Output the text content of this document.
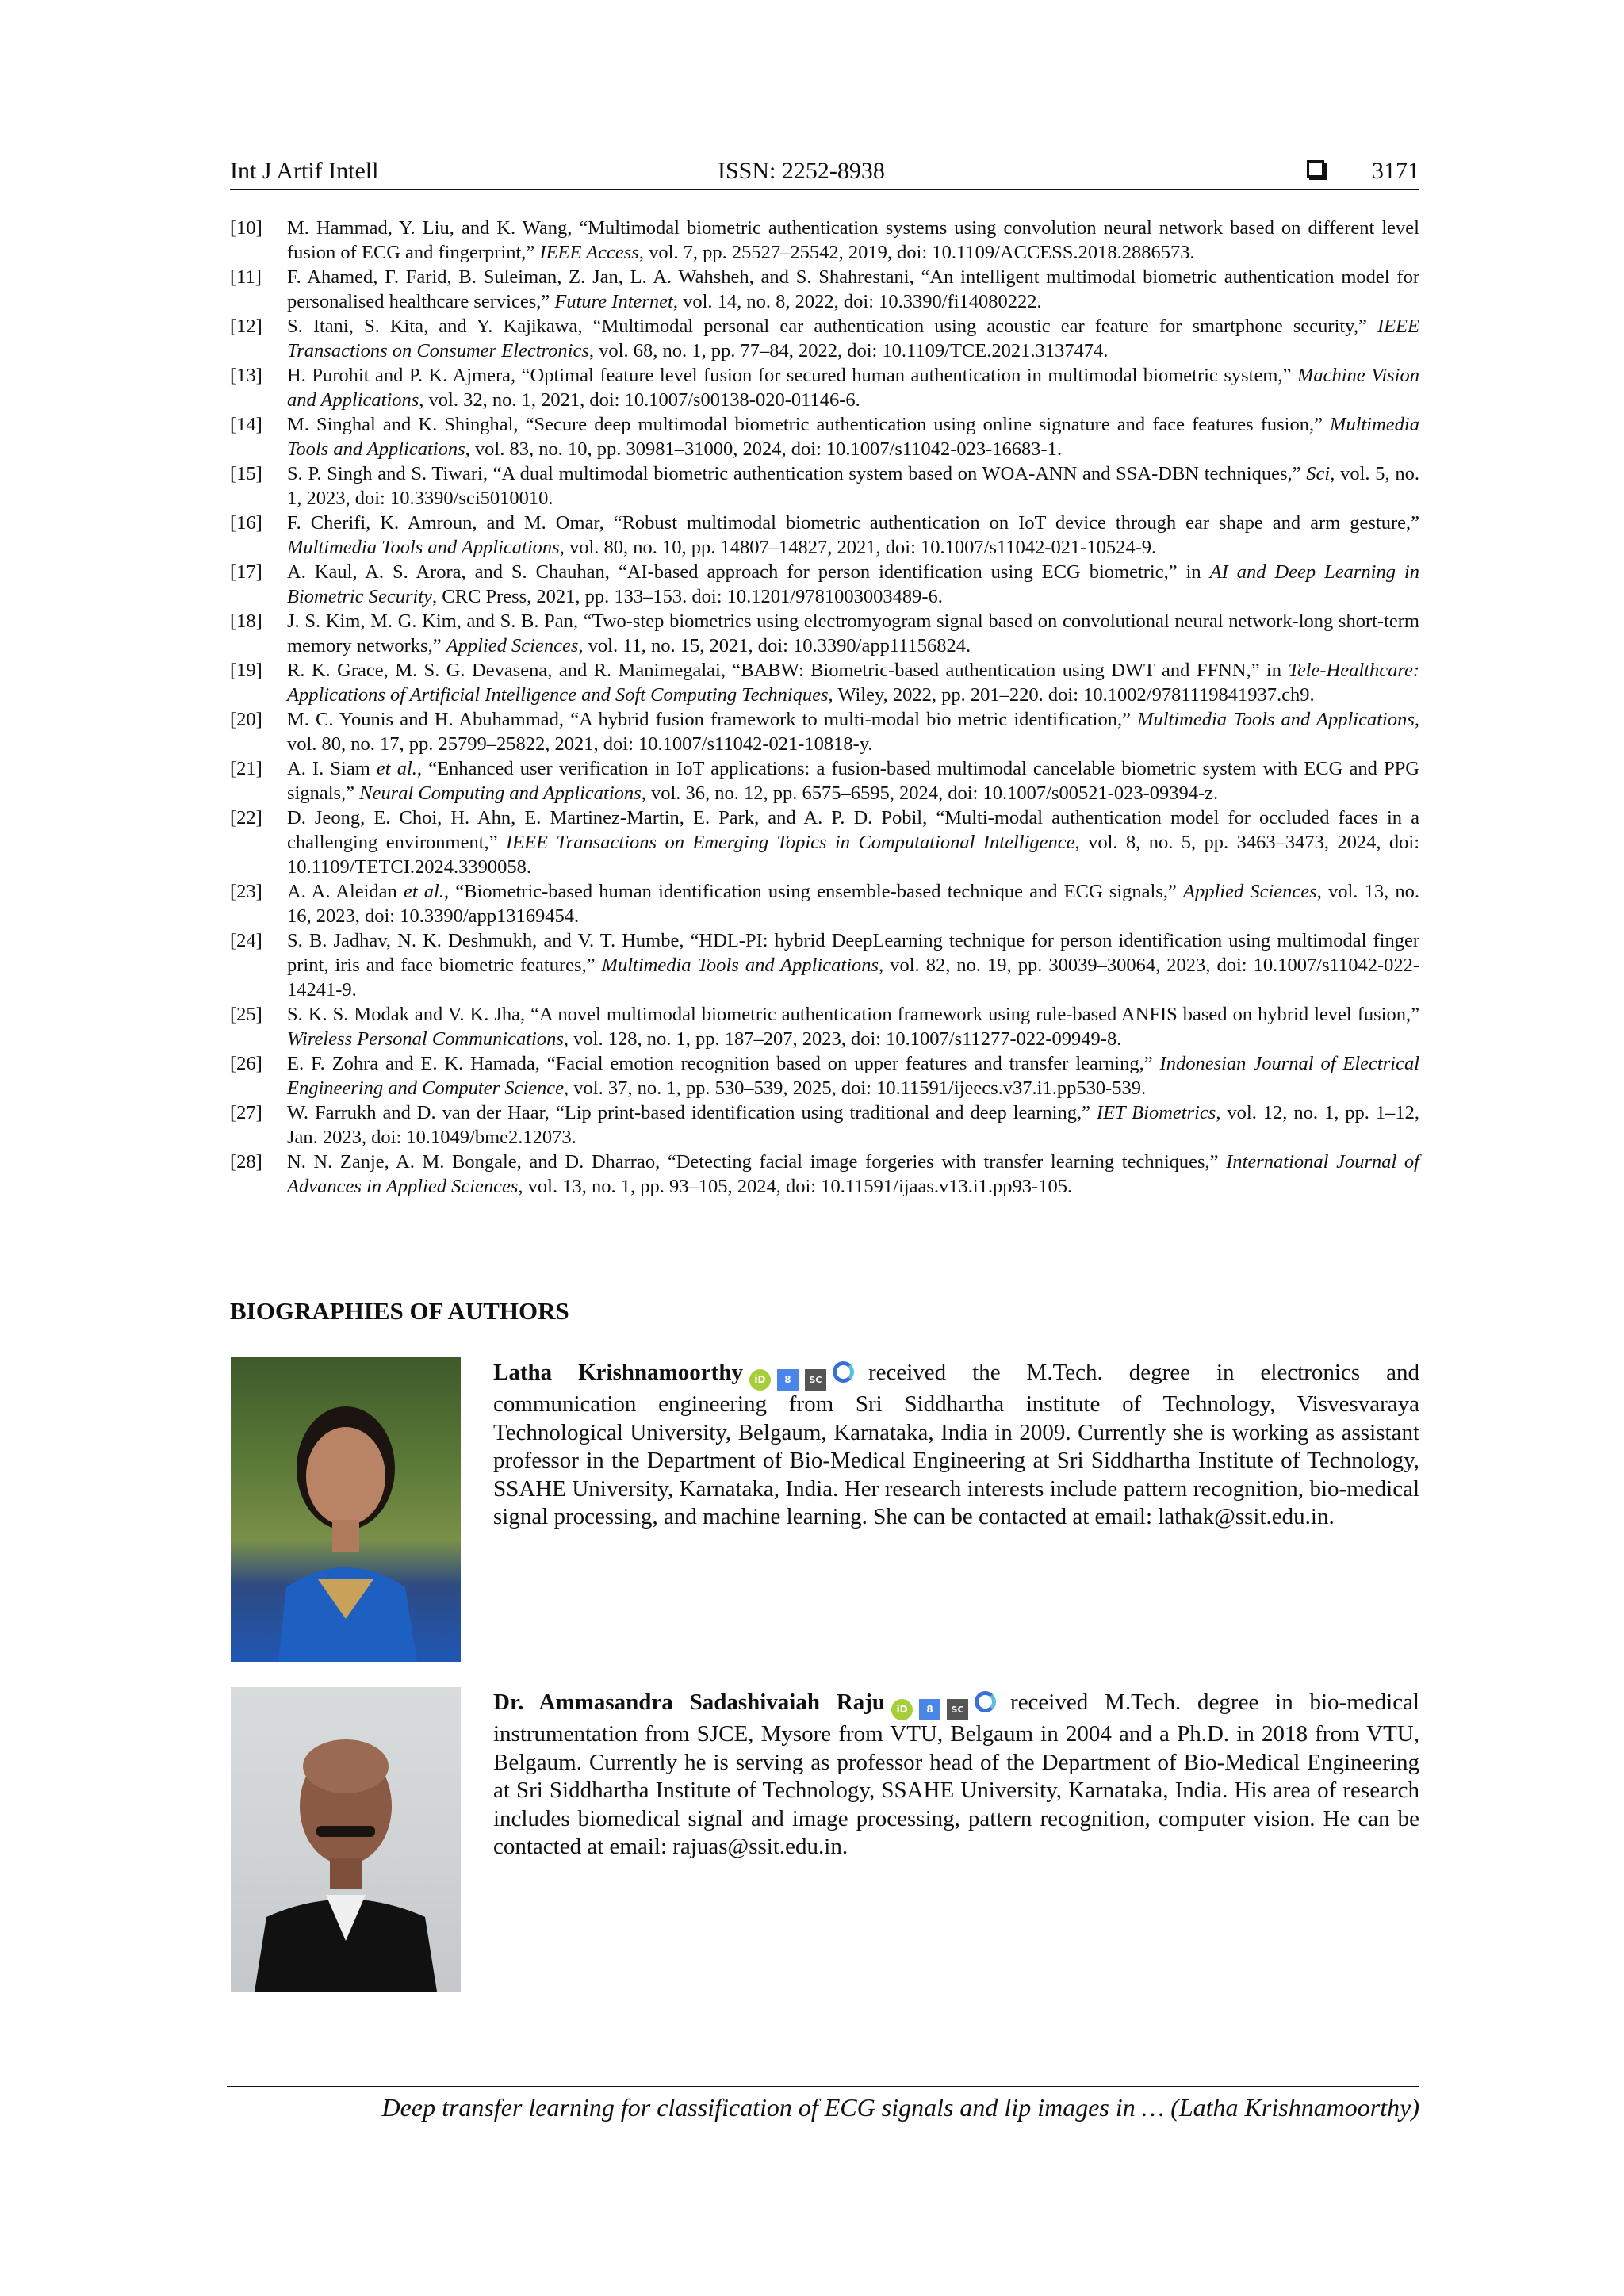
Int J Artif Intell	ISSN: 2252-8938	3171
[10]	M. Hammad, Y. Liu, and K. Wang, “Multimodal biometric authentication systems using convolution neural network based on different level fusion of ECG and fingerprint,” IEEE Access, vol. 7, pp. 25527–25542, 2019, doi: 10.1109/ACCESS.2018.2886573.
[11]	F. Ahamed, F. Farid, B. Suleiman, Z. Jan, L. A. Wahsheh, and S. Shahrestani, “An intelligent multimodal biometric authentication model for personalised healthcare services,” Future Internet, vol. 14, no. 8, 2022, doi: 10.3390/fi14080222.
[12]	S. Itani, S. Kita, and Y. Kajikawa, “Multimodal personal ear authentication using acoustic ear feature for smartphone security,” IEEE Transactions on Consumer Electronics, vol. 68, no. 1, pp. 77–84, 2022, doi: 10.1109/TCE.2021.3137474.
[13]	H. Purohit and P. K. Ajmera, “Optimal feature level fusion for secured human authentication in multimodal biometric system,” Machine Vision and Applications, vol. 32, no. 1, 2021, doi: 10.1007/s00138-020-01146-6.
[14]	M. Singhal and K. Shinghal, “Secure deep multimodal biometric authentication using online signature and face features fusion,” Multimedia Tools and Applications, vol. 83, no. 10, pp. 30981–31000, 2024, doi: 10.1007/s11042-023-16683-1.
[15]	S. P. Singh and S. Tiwari, “A dual multimodal biometric authentication system based on WOA-ANN and SSA-DBN techniques,” Sci, vol. 5, no. 1, 2023, doi: 10.3390/sci5010010.
[16]	F. Cherifi, K. Amroun, and M. Omar, “Robust multimodal biometric authentication on IoT device through ear shape and arm gesture,” Multimedia Tools and Applications, vol. 80, no. 10, pp. 14807–14827, 2021, doi: 10.1007/s11042-021-10524-9.
[17]	A. Kaul, A. S. Arora, and S. Chauhan, “AI-based approach for person identification using ECG biometric,” in AI and Deep Learning in Biometric Security, CRC Press, 2021, pp. 133–153. doi: 10.1201/9781003003489-6.
[18]	J. S. Kim, M. G. Kim, and S. B. Pan, “Two-step biometrics using electromyogram signal based on convolutional neural network-long short-term memory networks,” Applied Sciences, vol. 11, no. 15, 2021, doi: 10.3390/app11156824.
[19]	R. K. Grace, M. S. G. Devasena, and R. Manimegalai, “BABW: Biometric-based authentication using DWT and FFNN,” in Tele-Healthcare: Applications of Artificial Intelligence and Soft Computing Techniques, Wiley, 2022, pp. 201–220. doi: 10.1002/9781119841937.ch9.
[20]	M. C. Younis and H. Abuhammad, “A hybrid fusion framework to multi-modal bio metric identification,” Multimedia Tools and Applications, vol. 80, no. 17, pp. 25799–25822, 2021, doi: 10.1007/s11042-021-10818-y.
[21]	A. I. Siam et al., “Enhanced user verification in IoT applications: a fusion-based multimodal cancelable biometric system with ECG and PPG signals,” Neural Computing and Applications, vol. 36, no. 12, pp. 6575–6595, 2024, doi: 10.1007/s00521-023-09394-z.
[22]	D. Jeong, E. Choi, H. Ahn, E. Martinez-Martin, E. Park, and A. P. D. Pobil, “Multi-modal authentication model for occluded faces in a challenging environment,” IEEE Transactions on Emerging Topics in Computational Intelligence, vol. 8, no. 5, pp. 3463–3473, 2024, doi: 10.1109/TETCI.2024.3390058.
[23]	A. A. Aleidan et al., “Biometric-based human identification using ensemble-based technique and ECG signals,” Applied Sciences, vol. 13, no. 16, 2023, doi: 10.3390/app13169454.
[24]	S. B. Jadhav, N. K. Deshmukh, and V. T. Humbe, “HDL-PI: hybrid DeepLearning technique for person identification using multimodal finger print, iris and face biometric features,” Multimedia Tools and Applications, vol. 82, no. 19, pp. 30039–30064, 2023, doi: 10.1007/s11042-022-14241-9.
[25]	S. K. S. Modak and V. K. Jha, “A novel multimodal biometric authentication framework using rule-based ANFIS based on hybrid level fusion,” Wireless Personal Communications, vol. 128, no. 1, pp. 187–207, 2023, doi: 10.1007/s11277-022-09949-8.
[26]	E. F. Zohra and E. K. Hamada, “Facial emotion recognition based on upper features and transfer learning,” Indonesian Journal of Electrical Engineering and Computer Science, vol. 37, no. 1, pp. 530–539, 2025, doi: 10.11591/ijeecs.v37.i1.pp530-539.
[27]	W. Farrukh and D. van der Haar, “Lip print-based identification using traditional and deep learning,” IET Biometrics, vol. 12, no. 1, pp. 1–12, Jan. 2023, doi: 10.1049/bme2.12073.
[28]	N. N. Zanje, A. M. Bongale, and D. Dharrao, “Detecting facial image forgeries with transfer learning techniques,” International Journal of Advances in Applied Sciences, vol. 13, no. 1, pp. 93–105, 2024, doi: 10.11591/ijaas.v13.i1.pp93-105.
BIOGRAPHIES OF AUTHORS
Latha Krishnamoorthy iD 8 SC received the M.Tech. degree in electronics and communication engineering from Sri Siddhartha institute of Technology, Visvesvaraya Technological University, Belgaum, Karnataka, India in 2009. Currently she is working as assistant professor in the Department of Bio-Medical Engineering at Sri Siddhartha Institute of Technology, SSAHE University, Karnataka, India. Her research interests include pattern recognition, bio-medical signal processing, and machine learning. She can be contacted at email: lathak@ssit.edu.in.
Dr. Ammasandra Sadashivaiah Raju iD 8 SC received M.Tech. degree in bio-medical instrumentation from SJCE, Mysore from VTU, Belgaum in 2004 and a Ph.D. in 2018 from VTU, Belgaum. Currently he is serving as professor head of the Department of Bio-Medical Engineering at Sri Siddhartha Institute of Technology, SSAHE University, Karnataka, India. His area of research includes biomedical signal and image processing, pattern recognition, computer vision. He can be contacted at email: rajuas@ssit.edu.in.
Deep transfer learning for classification of ECG signals and lip images in … (Latha Krishnamoorthy)
